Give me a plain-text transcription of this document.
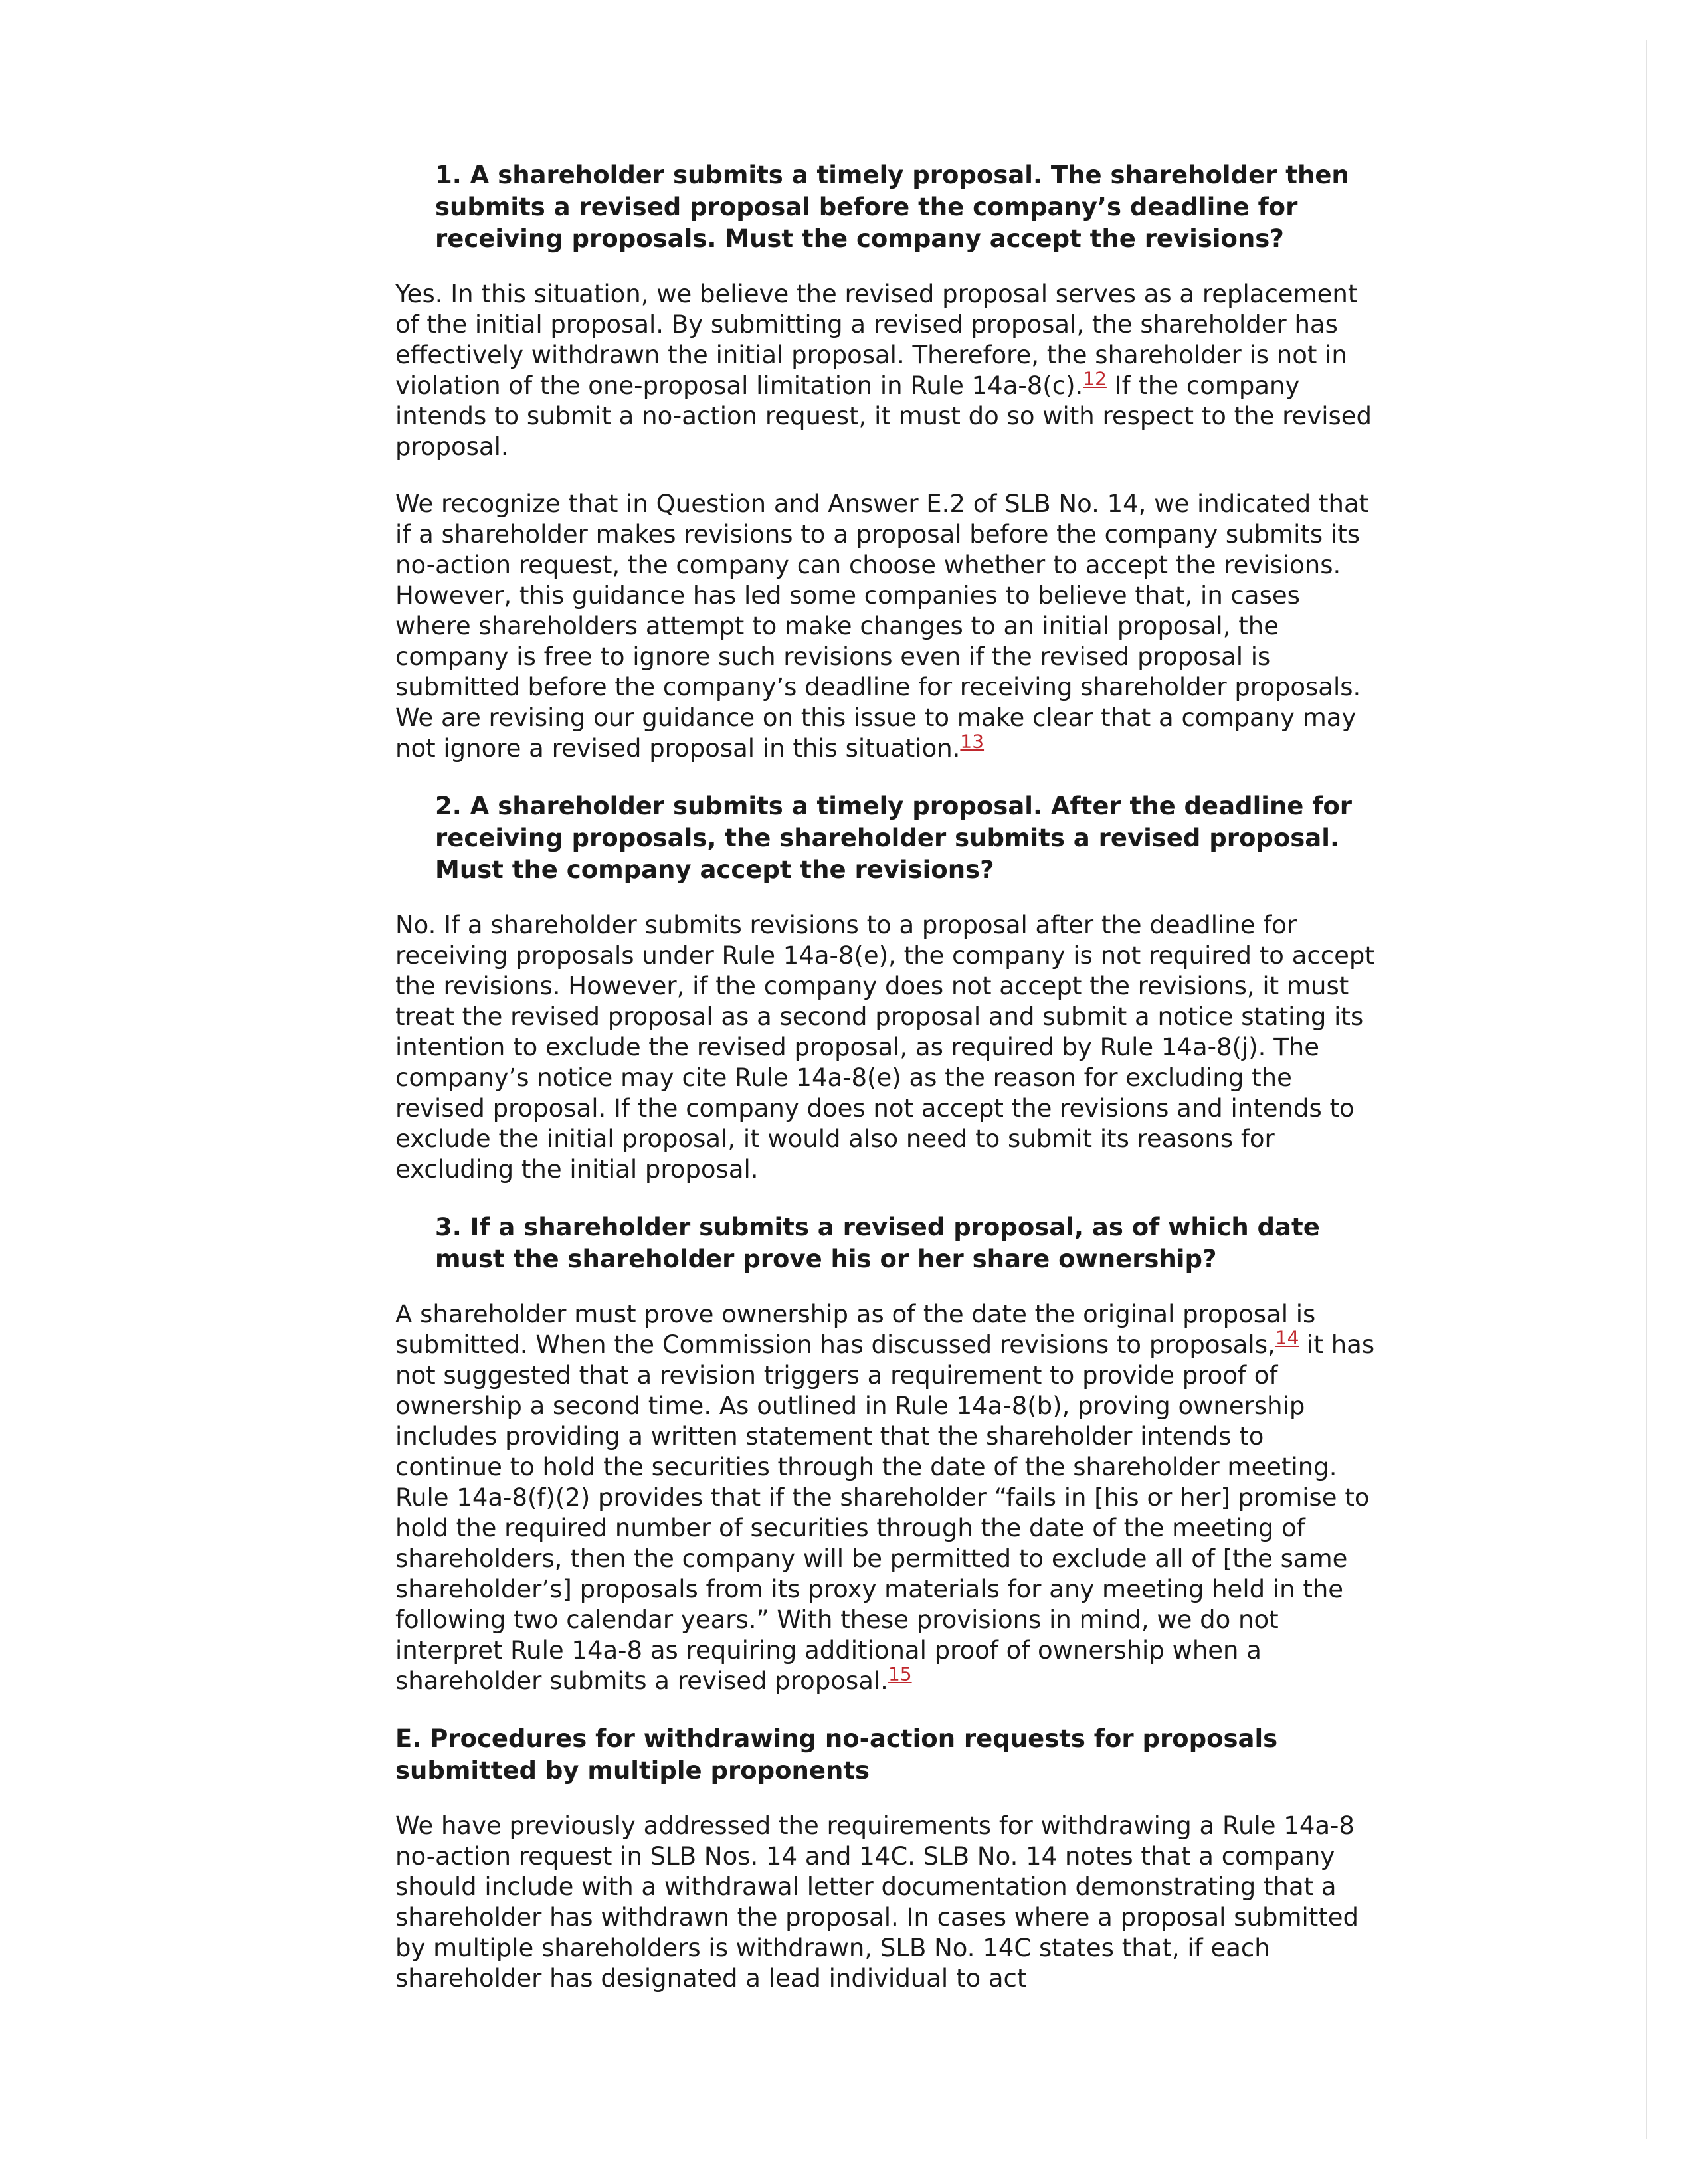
1. A shareholder submits a timely proposal. The shareholder then submits a revised proposal before the company’s deadline for receiving proposals. Must the company accept the revisions?

Yes. In this situation, we believe the revised proposal serves as a replacement of the initial proposal. By submitting a revised proposal, the shareholder has effectively withdrawn the initial proposal. Therefore, the shareholder is not in violation of the one-proposal limitation in Rule 14a-8(c).$^{12}$ If the company intends to submit a no-action request, it must do so with respect to the revised proposal.

We recognize that in Question and Answer E.2 of SLB No. 14, we indicated that if a shareholder makes revisions to a proposal before the company submits its no-action request, the company can choose whether to accept the revisions. However, this guidance has led some companies to believe that, in cases where shareholders attempt to make changes to an initial proposal, the company is free to ignore such revisions even if the revised proposal is submitted before the company’s deadline for receiving shareholder proposals. We are revising our guidance on this issue to make clear that a company may not ignore a revised proposal in this situation.$^{13}$

2. A shareholder submits a timely proposal. After the deadline for receiving proposals, the shareholder submits a revised proposal. Must the company accept the revisions?

No. If a shareholder submits revisions to a proposal after the deadline for receiving proposals under Rule 14a-8(e), the company is not required to accept the revisions. However, if the company does not accept the revisions, it must treat the revised proposal as a second proposal and submit a notice stating its intention to exclude the revised proposal, as required by Rule 14a-8(j). The company’s notice may cite Rule 14a-8(e) as the reason for excluding the revised proposal. If the company does not accept the revisions and intends to exclude the initial proposal, it would also need to submit its reasons for excluding the initial proposal.

3. If a shareholder submits a revised proposal, as of which date must the shareholder prove his or her share ownership?

A shareholder must prove ownership as of the date the original proposal is submitted. When the Commission has discussed revisions to proposals,$^{14}$ it has not suggested that a revision triggers a requirement to provide proof of ownership a second time. As outlined in Rule 14a-8(b), proving ownership includes providing a written statement that the shareholder intends to continue to hold the securities through the date of the shareholder meeting. Rule 14a-8(f)(2) provides that if the shareholder “fails in [his or her] promise to hold the required number of securities through the date of the meeting of shareholders, then the company will be permitted to exclude all of [the same shareholder’s] proposals from its proxy materials for any meeting held in the following two calendar years.” With these provisions in mind, we do not interpret Rule 14a-8 as requiring additional proof of ownership when a shareholder submits a revised proposal.$^{15}$

E. Procedures for withdrawing no-action requests for proposals submitted by multiple proponents

We have previously addressed the requirements for withdrawing a Rule 14a-8 no-action request in SLB Nos. 14 and 14C. SLB No. 14 notes that a company should include with a withdrawal letter documentation demonstrating that a shareholder has withdrawn the proposal. In cases where a proposal submitted by multiple shareholders is withdrawn, SLB No. 14C states that, if each shareholder has designated a lead individual to act
